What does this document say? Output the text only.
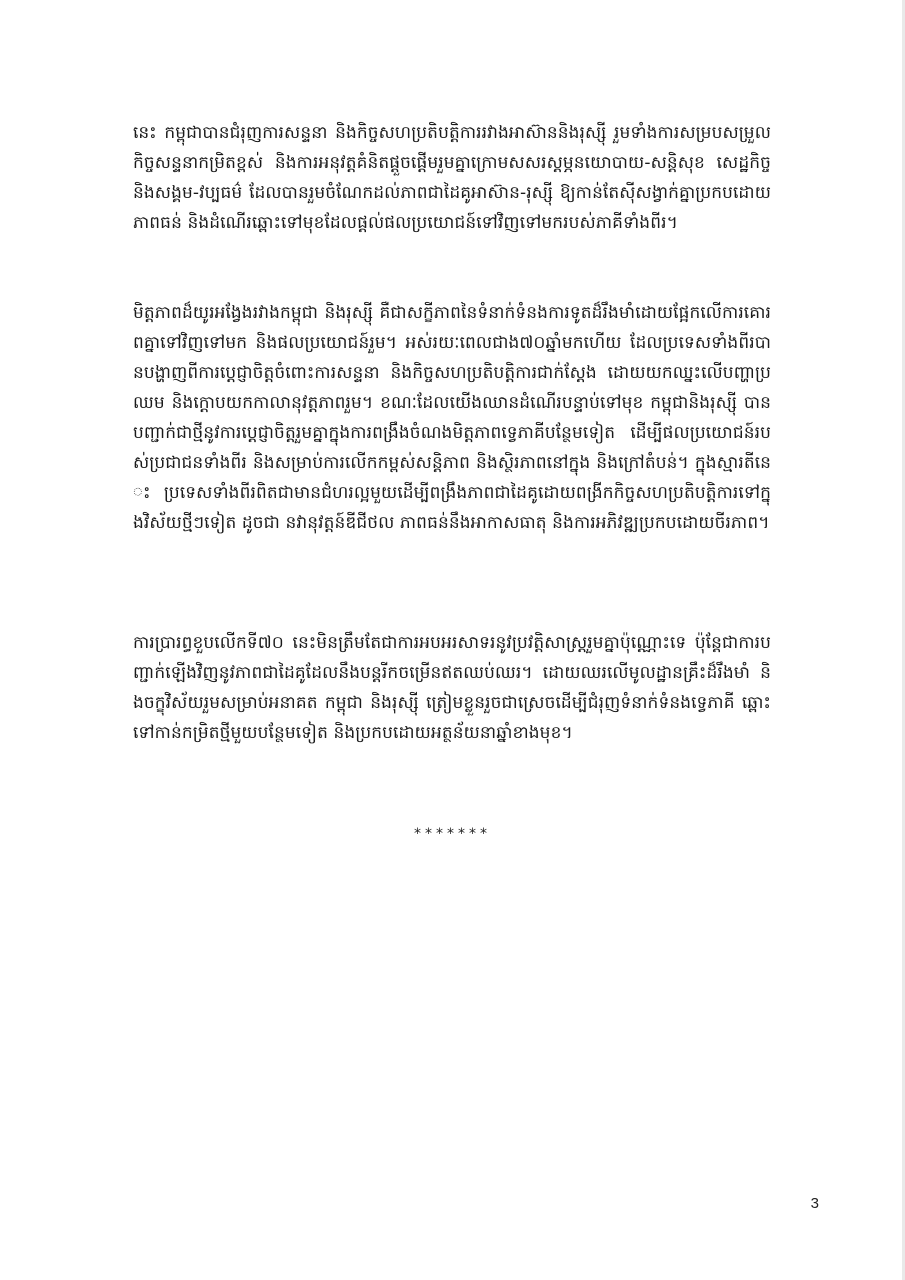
នេះ កម្ពុជាបានជំរុញការសន្ទនា និងកិច្ចសហប្រតិបត្តិការរវាងអាស៊ាននិងរុស្ស៊ី រួមទាំងការសម្របសម្រួលកិច្ចសន្ទនាកម្រិតខ្ពស់ និងការអនុវត្តគំនិតផ្តួចផ្តើមរួមគ្នាក្រោមសសរស្តម្ភនយោបាយ-សន្តិសុខ សេដ្ឋកិច្ច និងសង្គម-វប្បធម៌ ដែលបានរួមចំណែកដល់ភាពជាដៃគូអាស៊ាន-រុស្ស៊ី ឱ្យកាន់តែស៊ីសង្វាក់គ្នាប្រកបដោយភាពធន់ និងដំណើរឆ្ពោះទៅមុខដែលផ្តល់ផលប្រយោជន៍ទៅវិញទៅមករបស់ភាគីទាំងពីរ។

មិត្តភាពដ៏យូរអង្វែងរវាងកម្ពុជា និងរុស្ស៊ី គឺជាសក្ខីភាពនៃទំនាក់ទំនងការទូតដ៏រឹងមាំដោយផ្អែកលើការគោរពគ្នាទៅវិញទៅមក និងផលប្រយោជន៍រួម។ អស់រយៈពេលជាង៧០ឆ្នាំមកហើយ ដែលប្រទេសទាំងពីរបានបង្ហាញពីការប្តេជ្ញាចិត្តចំពោះការសន្ទនា និងកិច្ចសហប្រតិបត្តិការជាក់ស្តែង ដោយយកឈ្នះលើបញ្ហាប្រឈម និងក្តោបយកកាលានុវត្តភាពរួម។ ខណៈដែលយើងឈានដំណើរបន្ទាប់ទៅមុខ កម្ពុជានិងរុស្ស៊ី បានបញ្ជាក់ជាថ្មីនូវការប្តេជ្ញាចិត្តរួមគ្នាក្នុងការពង្រឹងចំណងមិត្តភាពទ្វេភាគីបន្ថែមទៀត ដើម្បីផលប្រយោជន៍របស់ប្រជាជនទាំងពីរ និងសម្រាប់ការលើកកម្ពស់សន្តិភាព និងស្ថិរភាពនៅក្នុង និងក្រៅតំបន់។ ក្នុងស្មារតីនេះ ប្រទេសទាំងពីរពិតជាមានជំហរល្អមួយដើម្បីពង្រឹងភាពជាដៃគូដោយពង្រីកកិច្ចសហប្រតិបត្តិការទៅក្នុងវិស័យថ្មីៗទៀត ដូចជា នវានុវត្តន៍ឌីជីថល ភាពធន់នឹងអាកាសធាតុ និងការអភិវឌ្ឍប្រកបដោយចីរភាព។

ការប្រារព្ធខួបលើកទី៧០ នេះមិនត្រឹមតែជាការអបអរសាទរនូវប្រវត្តិសាស្ត្ររួមគ្នាប៉ុណ្ណោះទេ ប៉ុន្តែជាការបញ្ជាក់ឡើងវិញនូវភាពជាដៃគូដែលនឹងបន្តរីកចម្រើនឥតឈប់ឈរ។ ដោយឈរលើមូលដ្ឋានគ្រឹះដ៏រឹងមាំ និងចក្ខុវិស័យរួមសម្រាប់អនាគត កម្ពុជា និងរុស្ស៊ី ត្រៀមខ្លួនរួចជាស្រេចដើម្បីជំរុញទំនាក់ទំនងទ្វេភាគី ឆ្ពោះទៅកាន់កម្រិតថ្មីមួយបន្ថែមទៀត និងប្រកបដោយអត្ថន័យនាឆ្នាំខាងមុខ។

*******
3
